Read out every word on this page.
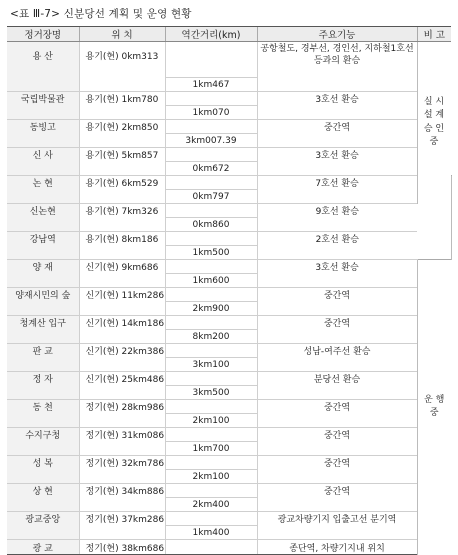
<표 Ⅲ-7> 신분당선 계획 및 운영 현황
정거장명	위 치	역간거리(km)	주요기능	비 고	
용 산	용기(현) 0km313		공항철도, 경부선, 경인선, 지하철1호선 등과의 환승	실 시 설 계 승 인 중	

		1km467			
국립박물관	용기(현) 1km780		3호선 환승		
		1km070			
동빙고	용기(현) 2km850		중간역		
		3km007.39			
신 사	용기(현) 5km857		3호선 환승		
		0km672			
논 현	용기(현) 6km529		7호선 환승	
		0km797			
신논현	용기(현) 7km326		9호선 환승		
		0km860			
강남역	용기(현) 8km186		2호선 환승		
		1km500			
양 재	신기(현) 9km686		3호선 환승	운 행 중	
		1km600			
양재시민의 숲	신기(현) 11km286		중간역		
		2km900			
청계산 입구	신기(현) 14km186		중간역		
		8km200			
판 교	신기(현) 22km386		성남-여주선 환승		
		3km100			
정 자	신기(현) 25km486		분당선 환승		
		3km500			
동 천	정기(현) 28km986		중간역		
		2km100			
수지구청	정기(현) 31km086		중간역		
		1km700			
성 복	정기(현) 32km786		중간역		
		2km100			
상 현	정기(현) 34km886		중간역		
		2km400			
광교중앙	정기(현) 37km286		광교차량기지 입출고선 분기역		
		1km400			
광 교	정기(현) 38km686		종단역, 차량기지내 위치		
